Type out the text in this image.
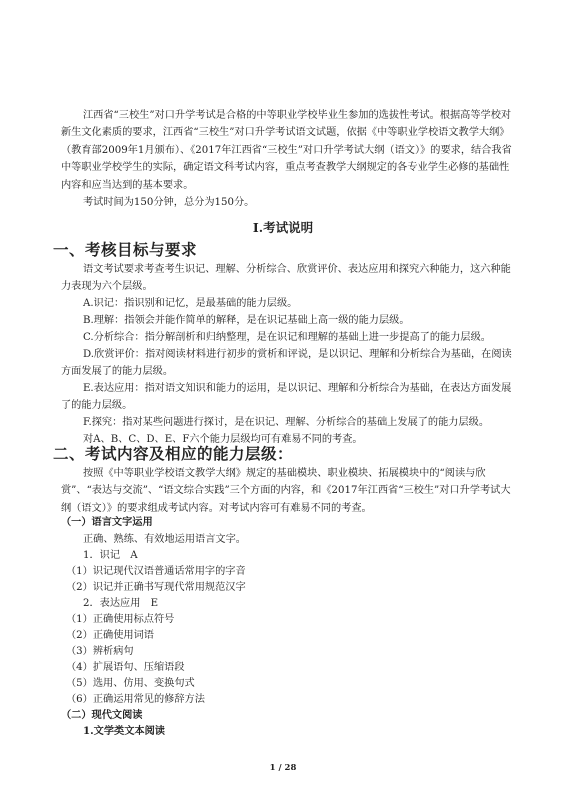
江西省“三校生”对口升学考试是合格的中等职业学校毕业生参加的选拔性考试。根据高等学校对新生文化素质的要求，江西省“三校生”对口升学考试语文试题，依据《中等职业学校语文教学大纲》（教育部2009年1月颁布）、《2017年江西省“三校生”对口升学考试大纲（语文）》的要求，结合我省中等职业学校学生的实际，确定语文科考试内容，重点考查教学大纲规定的各专业学生必修的基础性内容和应当达到的基本要求。

考试时间为150分钟，总分为150分。

I.考试说明

一、考核目标与要求

语文考试要求考查考生识记、理解、分析综合、欣赏评价、表达应用和探究六种能力，这六种能力表现为六个层级。

A.识记：指识别和记忆，是最基础的能力层级。

B.理解：指领会并能作简单的解释，是在识记基础上高一级的能力层级。

C.分析综合：指分解剖析和归纳整理，是在识记和理解的基础上进一步提高了的能力层级。

D.欣赏评价：指对阅读材料进行初步的赏析和评说，是以识记、理解和分析综合为基础，在阅读方面发展了的能力层级。

E.表达应用：指对语文知识和能力的运用，是以识记、理解和分析综合为基础，在表达方面发展了的能力层级。

F.探究：指对某些问题进行探讨，是在识记、理解、分析综合的基础上发展了的能力层级。

对A、B、C、D、E、F六个能力层级均可有难易不同的考查。

二、考试内容及相应的能力层级：

按照《中等职业学校语文教学大纲》规定的基础模块、职业模块、拓展模块中的“阅读与欣赏”、“表达与交流”、“语文综合实践”三个方面的内容，和《2017年江西省“三校生”对口升学考试大纲（语文）》的要求组成考试内容。对考试内容可有难易不同的考查。

（一）语言文字运用

正确、熟练、有效地运用语言文字。

1．识记　A

（1）识记现代汉语普通话常用字的字音

（2）识记并正确书写现代常用规范汉字

2．表达应用　E

（1）正确使用标点符号

（2）正确使用词语

（3）辨析病句

（4）扩展语句、压缩语段

（5）选用、仿用、变换句式

（6）正确运用常见的修辞方法

（二）现代文阅读

1.文学类文本阅读

1 / 28
